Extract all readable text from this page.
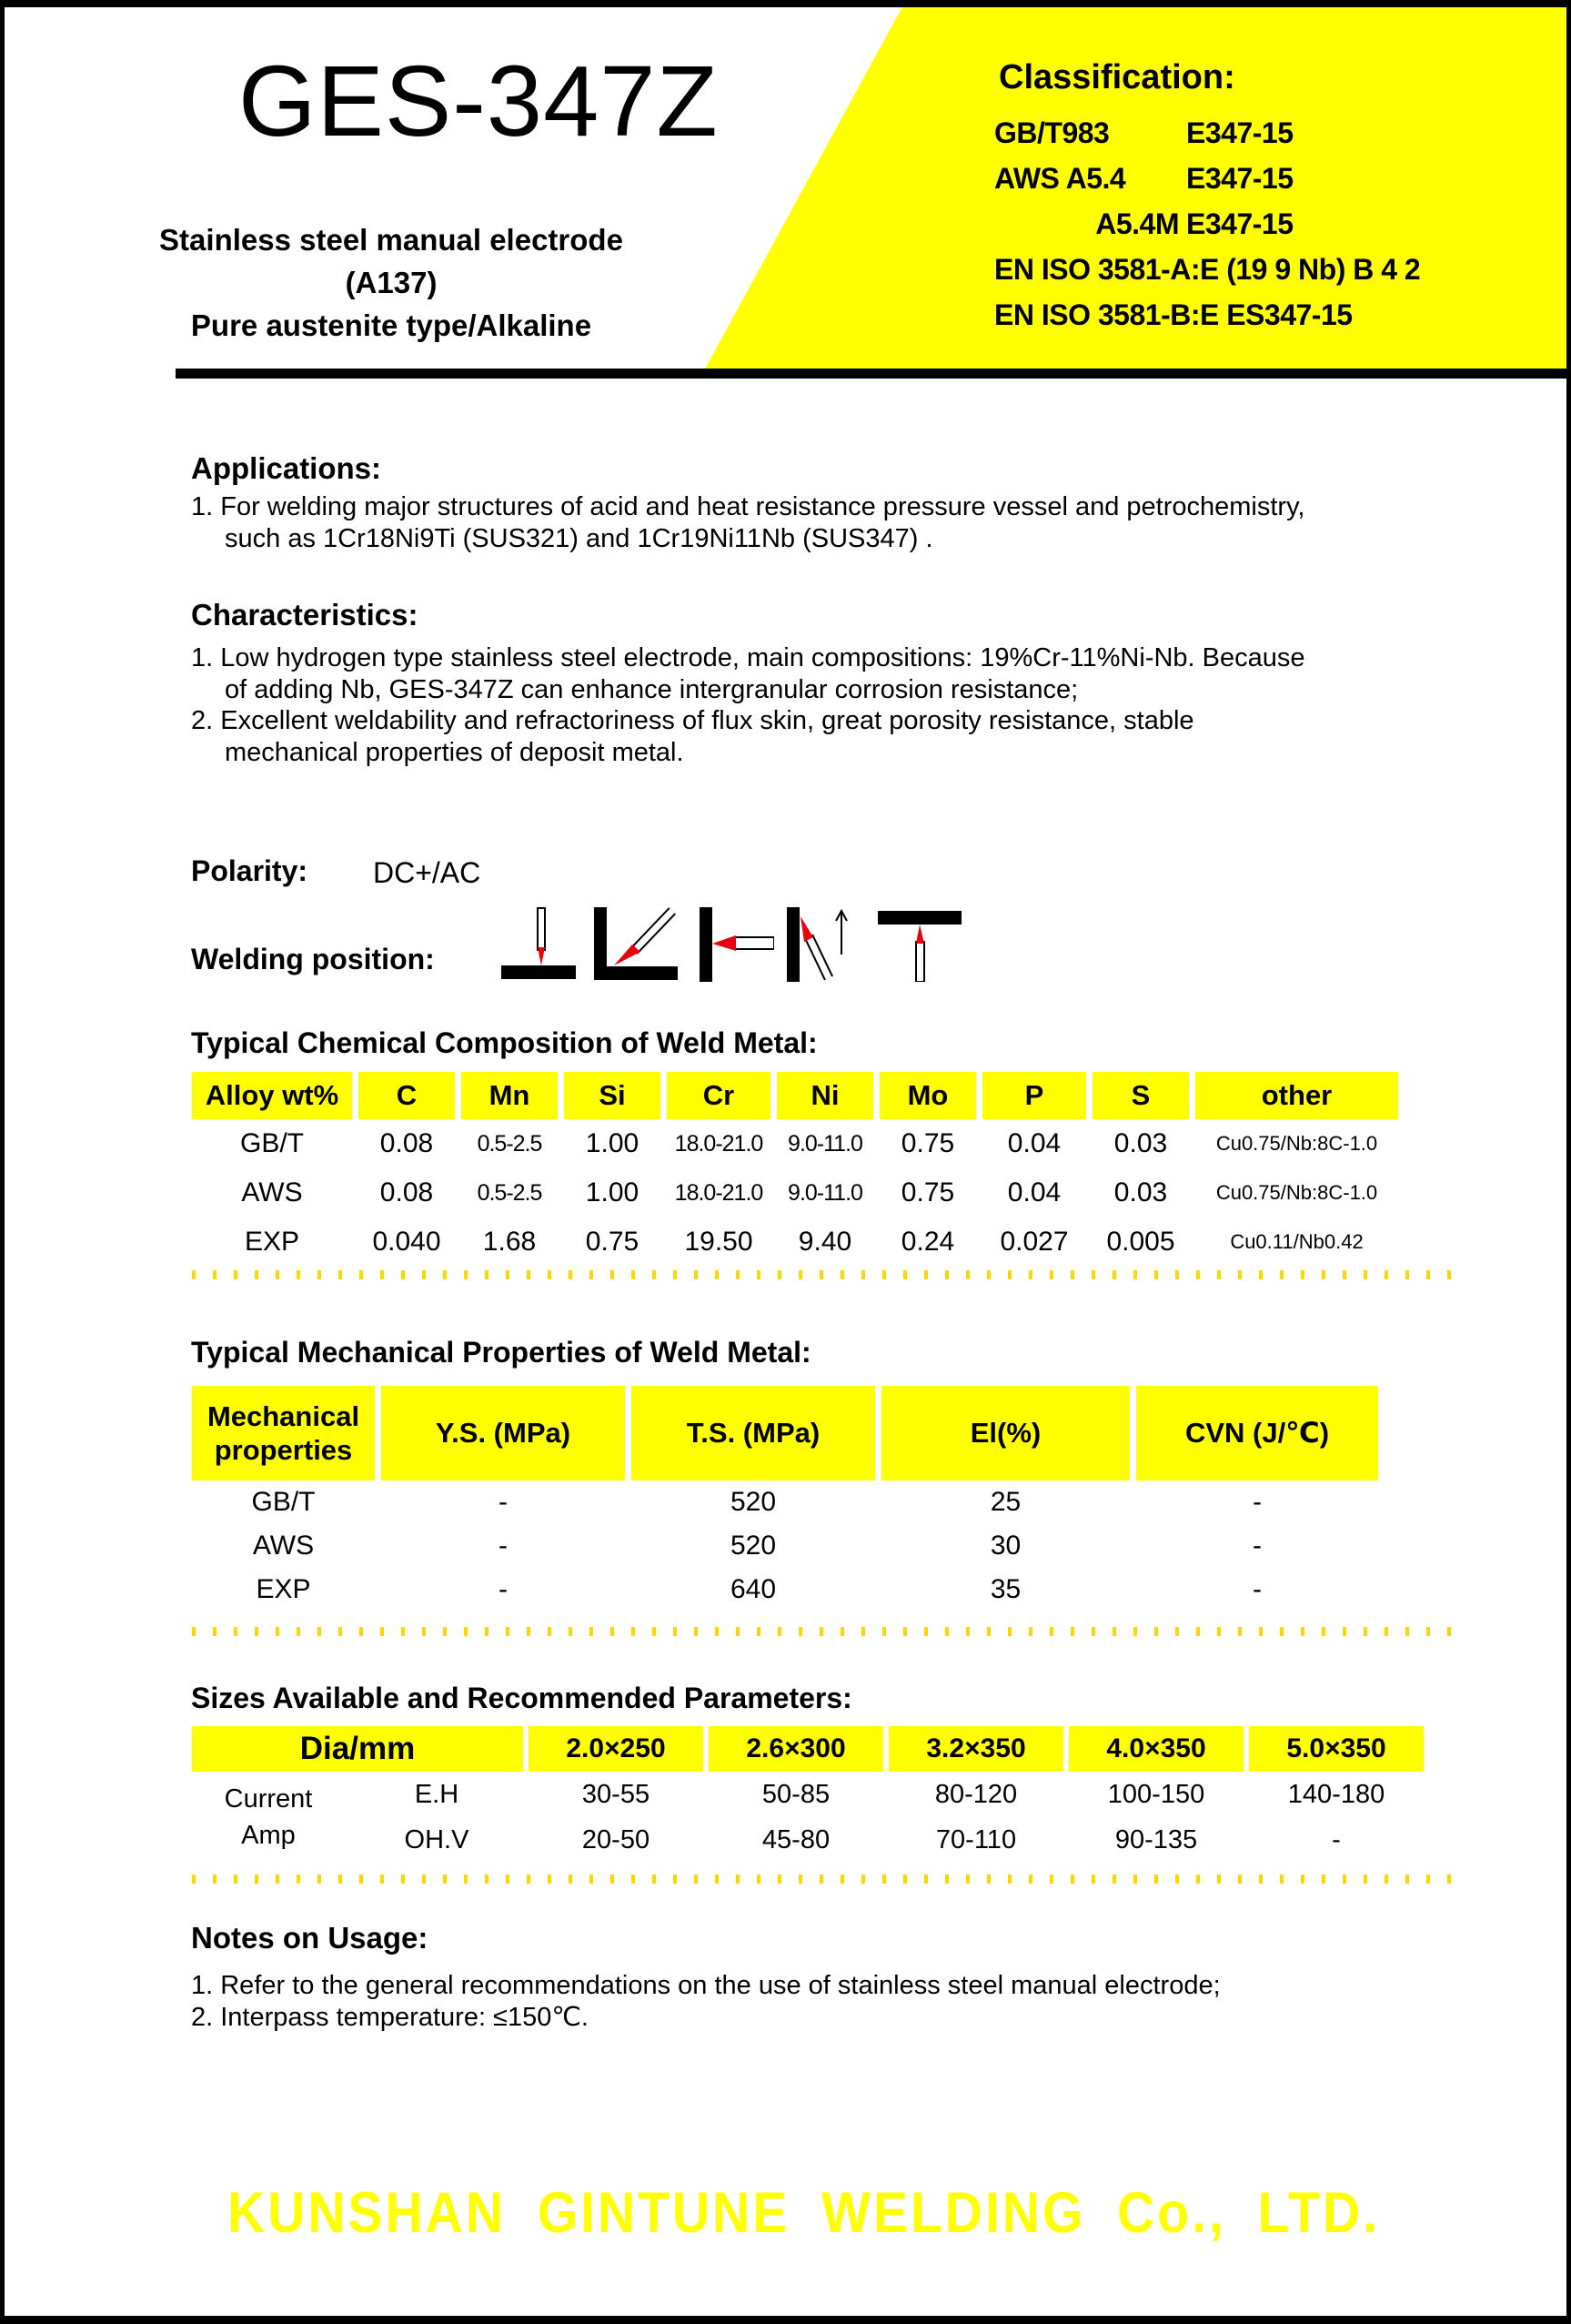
GES-347Z
Stainless steel manual electrode
(A137)
Pure austenite type/Alkaline
Classification:
GB/T983	E347-15
AWS A5.4	E347-15
A5.4M E347-15
EN ISO 3581-A:E (19 9 Nb) B 4 2
EN ISO 3581-B:E ES347-15
Applications:
1. For welding major structures of acid and heat resistance pressure vessel and petrochemistry,
such as 1Cr18Ni9Ti (SUS321) and 1Cr19Ni11Nb (SUS347) .
Characteristics:
1. Low hydrogen type stainless steel electrode, main compositions: 19%Cr-11%Ni-Nb. Because
of adding Nb, GES-347Z can enhance intergranular corrosion resistance;
2. Excellent weldability and refractoriness of flux skin, great porosity resistance, stable
mechanical properties of deposit metal.
Polarity: DC+/AC
Welding position:
Typical Chemical Composition of Weld Metal:
Alloy wt%	C	Mn	Si	Cr	Ni	Mo	P	S	other
GB/T	0.08	0.5-2.5	1.00	18.0-21.0	9.0-11.0	0.75	0.04	0.03	Cu0.75/Nb:8C-1.0
AWS	0.08	0.5-2.5	1.00	18.0-21.0	9.0-11.0	0.75	0.04	0.03	Cu0.75/Nb:8C-1.0
EXP	0.040	1.68	0.75	19.50	9.40	0.24	0.027	0.005	Cu0.11/Nb0.42
Typical Mechanical Properties of Weld Metal:
Mechanical properties
Y.S. (MPa)	T.S. (MPa)	El(%)	CVN (J/℃)
GB/T	-	520	25	-
AWS	-	520	30	-
EXP	-	640	35	-
Sizes Available and Recommended Parameters:
Dia/mm	2.0×250	2.6×300	3.2×350	4.0×350	5.0×350
Current
Amp
E.H	30-55	50-85	80-120	100-150	140-180
OH.V	20-50	45-80	70-110	90-135	-
Notes on Usage:
1. Refer to the general recommendations on the use of stainless steel manual electrode;
2. Interpass temperature: ≤150℃.
KUNSHAN GINTUNE WELDING Co., LTD.
